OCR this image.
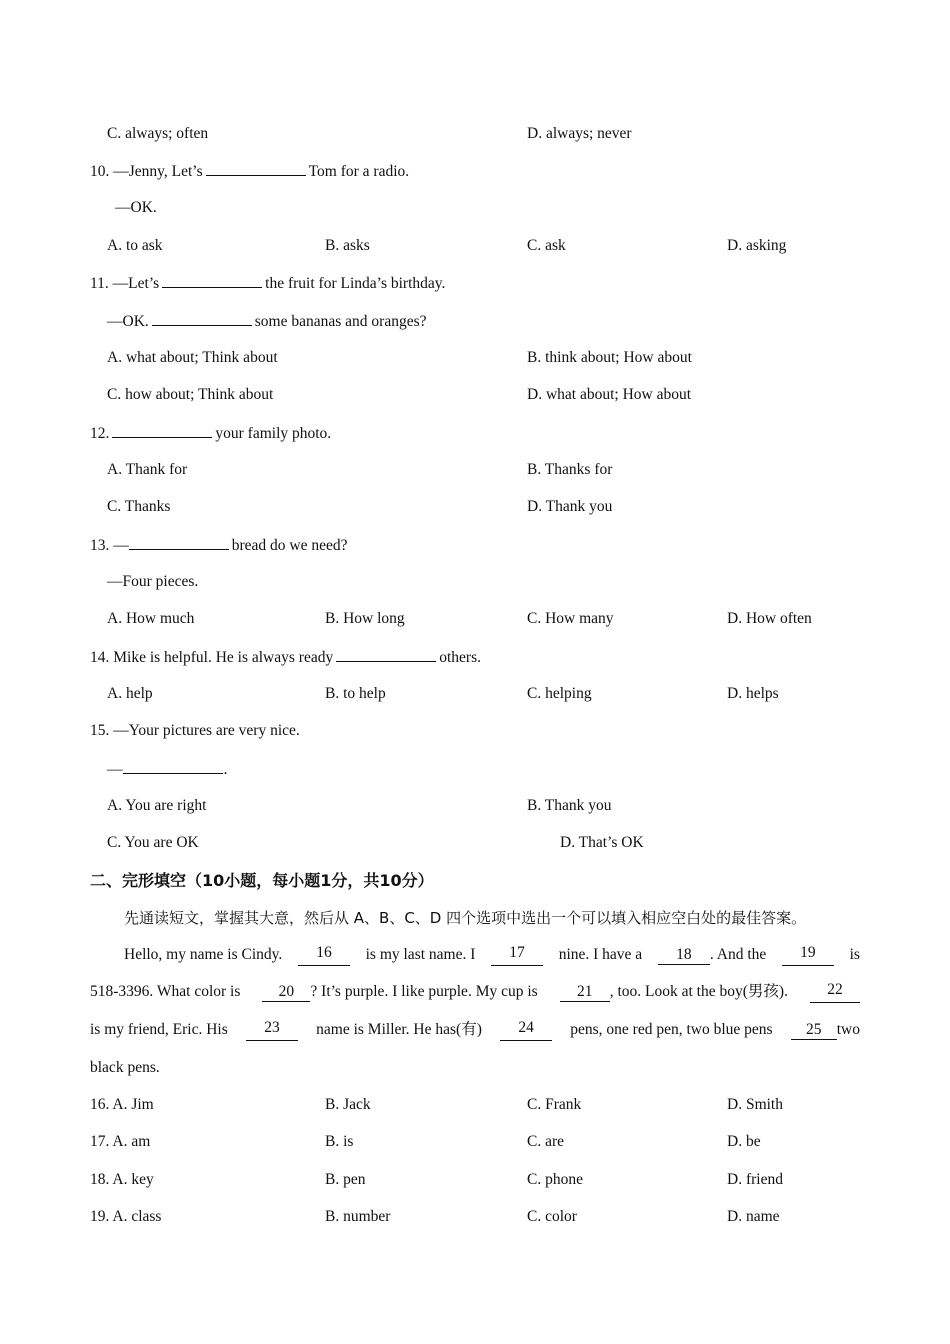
C. always; often	D. always; never
10. —Jenny, Let’s	Tom for a radio.
—OK.
A. to ask	B. asks	C. ask	D. asking
11. —Let’s	the fruit for Linda’s birthday.
—OK.	some bananas and oranges?
A. what about; Think about	B. think about; How about
C. how about; Think about	D. what about; How about
12.	your family photo.
A. Thank for	B. Thanks for
C. Thanks	D. Thank you
13. —	bread do we need?
—Four pieces.
A. How much	B. How long	C. How many	D. How often
14. Mike is helpful. He is always ready	others.
A. help	B. to help	C. helping	D. helps
15. —Your pictures are very nice.
—	.
A. You are right	B. Thank you
C. You are OK	D. That’s OK
二、完形填空（10小题，每小题1分，共10分）
先通读短文，掌握其大意，然后从 A、B、C、D 四个选项中选出一个可以填入相应空白处的最佳答案。
Hello, my name is Cindy.	16	is my last name. I	17	nine. I have a	18 . And the	19	is
518-3396. What color is	20 ? It’s purple. I like purple. My cup is	21 , too. Look at the boy(男孩).	22
is my friend, Eric. His	23	name is Miller. He has(有)	24	pens, one red pen, two blue pens	25 two
black pens.
16. A. Jim	B. Jack	C. Frank	D. Smith
17. A. am	B. is	C. are	D. be
18. A. key	B. pen	C. phone	D. friend
19. A. class	B. number	C. color	D. name
